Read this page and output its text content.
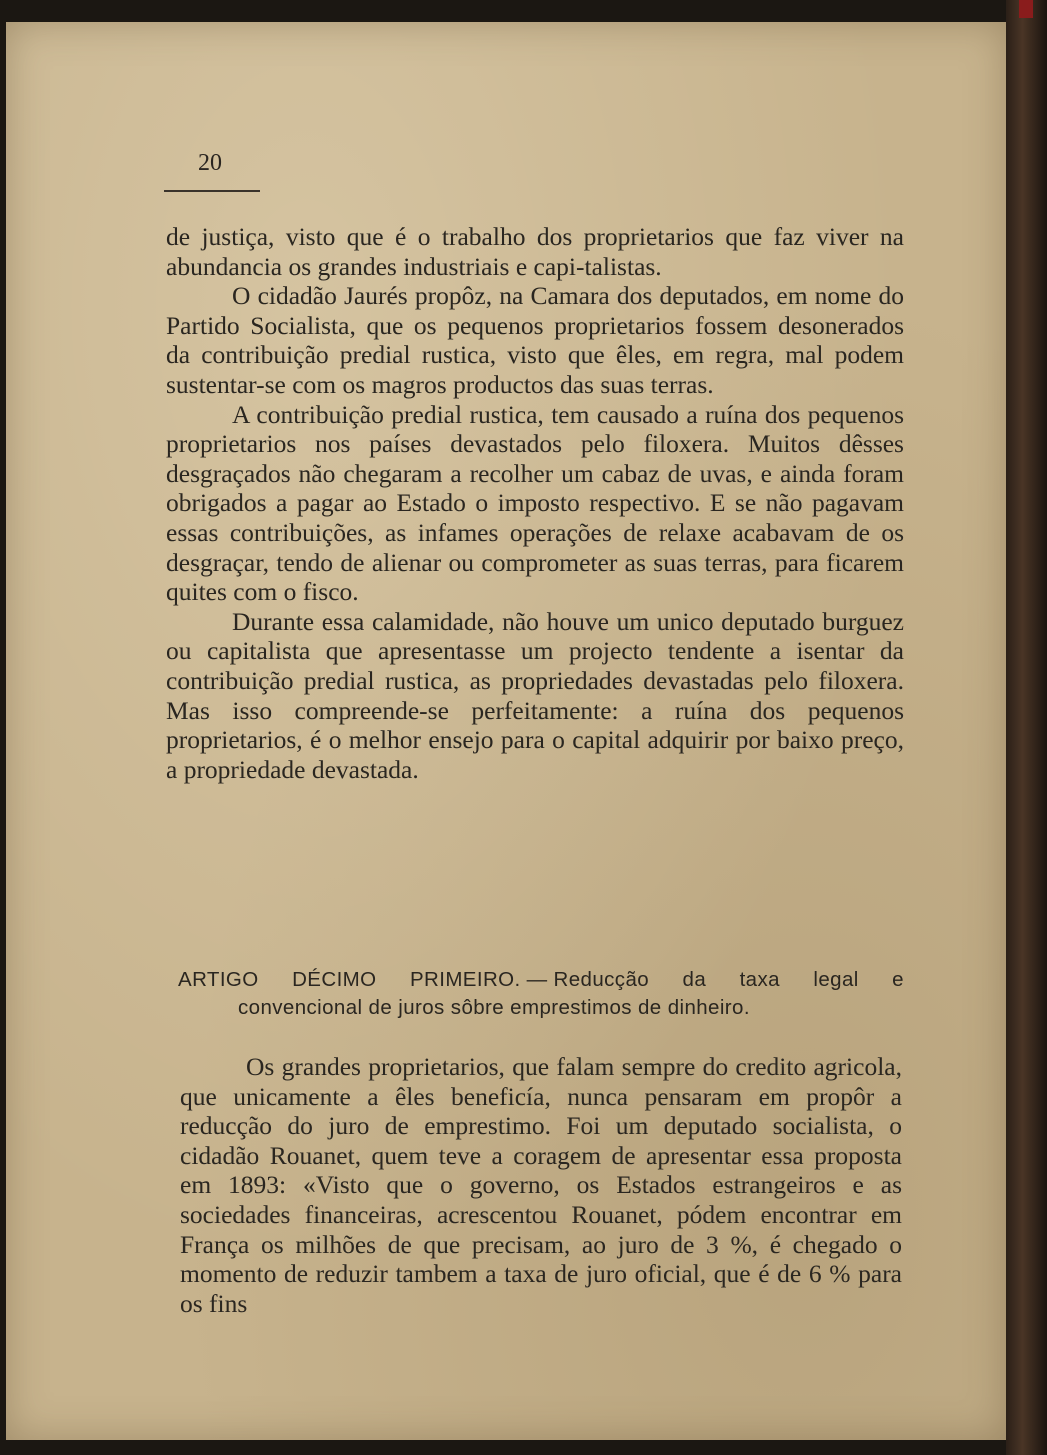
20

de justiça, visto que é o trabalho dos proprietarios que faz viver na abundancia os grandes industriais e capi-talistas.

O cidadão Jaurés propôz, na Camara dos deputados, em nome do Partido Socialista, que os pequenos proprietarios fossem desonerados da contribuição predial rustica, visto que êles, em regra, mal podem sustentar-se com os magros productos das suas terras.

A contribuição predial rustica, tem causado a ruína dos pequenos proprietarios nos países devastados pelo filoxera. Muitos dêsses desgraçados não chegaram a recolher um cabaz de uvas, e ainda foram obrigados a pagar ao Estado o imposto respectivo. E se não pagavam essas contribuições, as infames operações de relaxe acabavam de os desgraçar, tendo de alienar ou comprometer as suas terras, para ficarem quites com o fisco.

Durante essa calamidade, não houve um unico deputado burguez ou capitalista que apresentasse um projecto tendente a isentar da contribuição predial rustica, as propriedades devastadas pelo filoxera. Mas isso compreende-se perfeitamente: a ruína dos pequenos proprietarios, é o melhor ensejo para o capital adquirir por baixo preço, a propriedade devastada.

ARTIGO DÉCIMO PRIMEIRO. — Reducção da taxa legal e
convencional de juros sôbre emprestimos de dinheiro.

Os grandes proprietarios, que falam sempre do credito agricola, que unicamente a êles beneficía, nunca pensaram em propôr a reducção do juro de emprestimo. Foi um deputado socialista, o cidadão Rouanet, quem teve a coragem de apresentar essa proposta em 1893: «Visto que o governo, os Estados estrangeiros e as sociedades financeiras, acrescentou Rouanet, pódem encontrar em França os milhões de que precisam, ao juro de 3 %, é chegado o momento de reduzir tambem a taxa de juro oficial, que é de 6 % para os fins
